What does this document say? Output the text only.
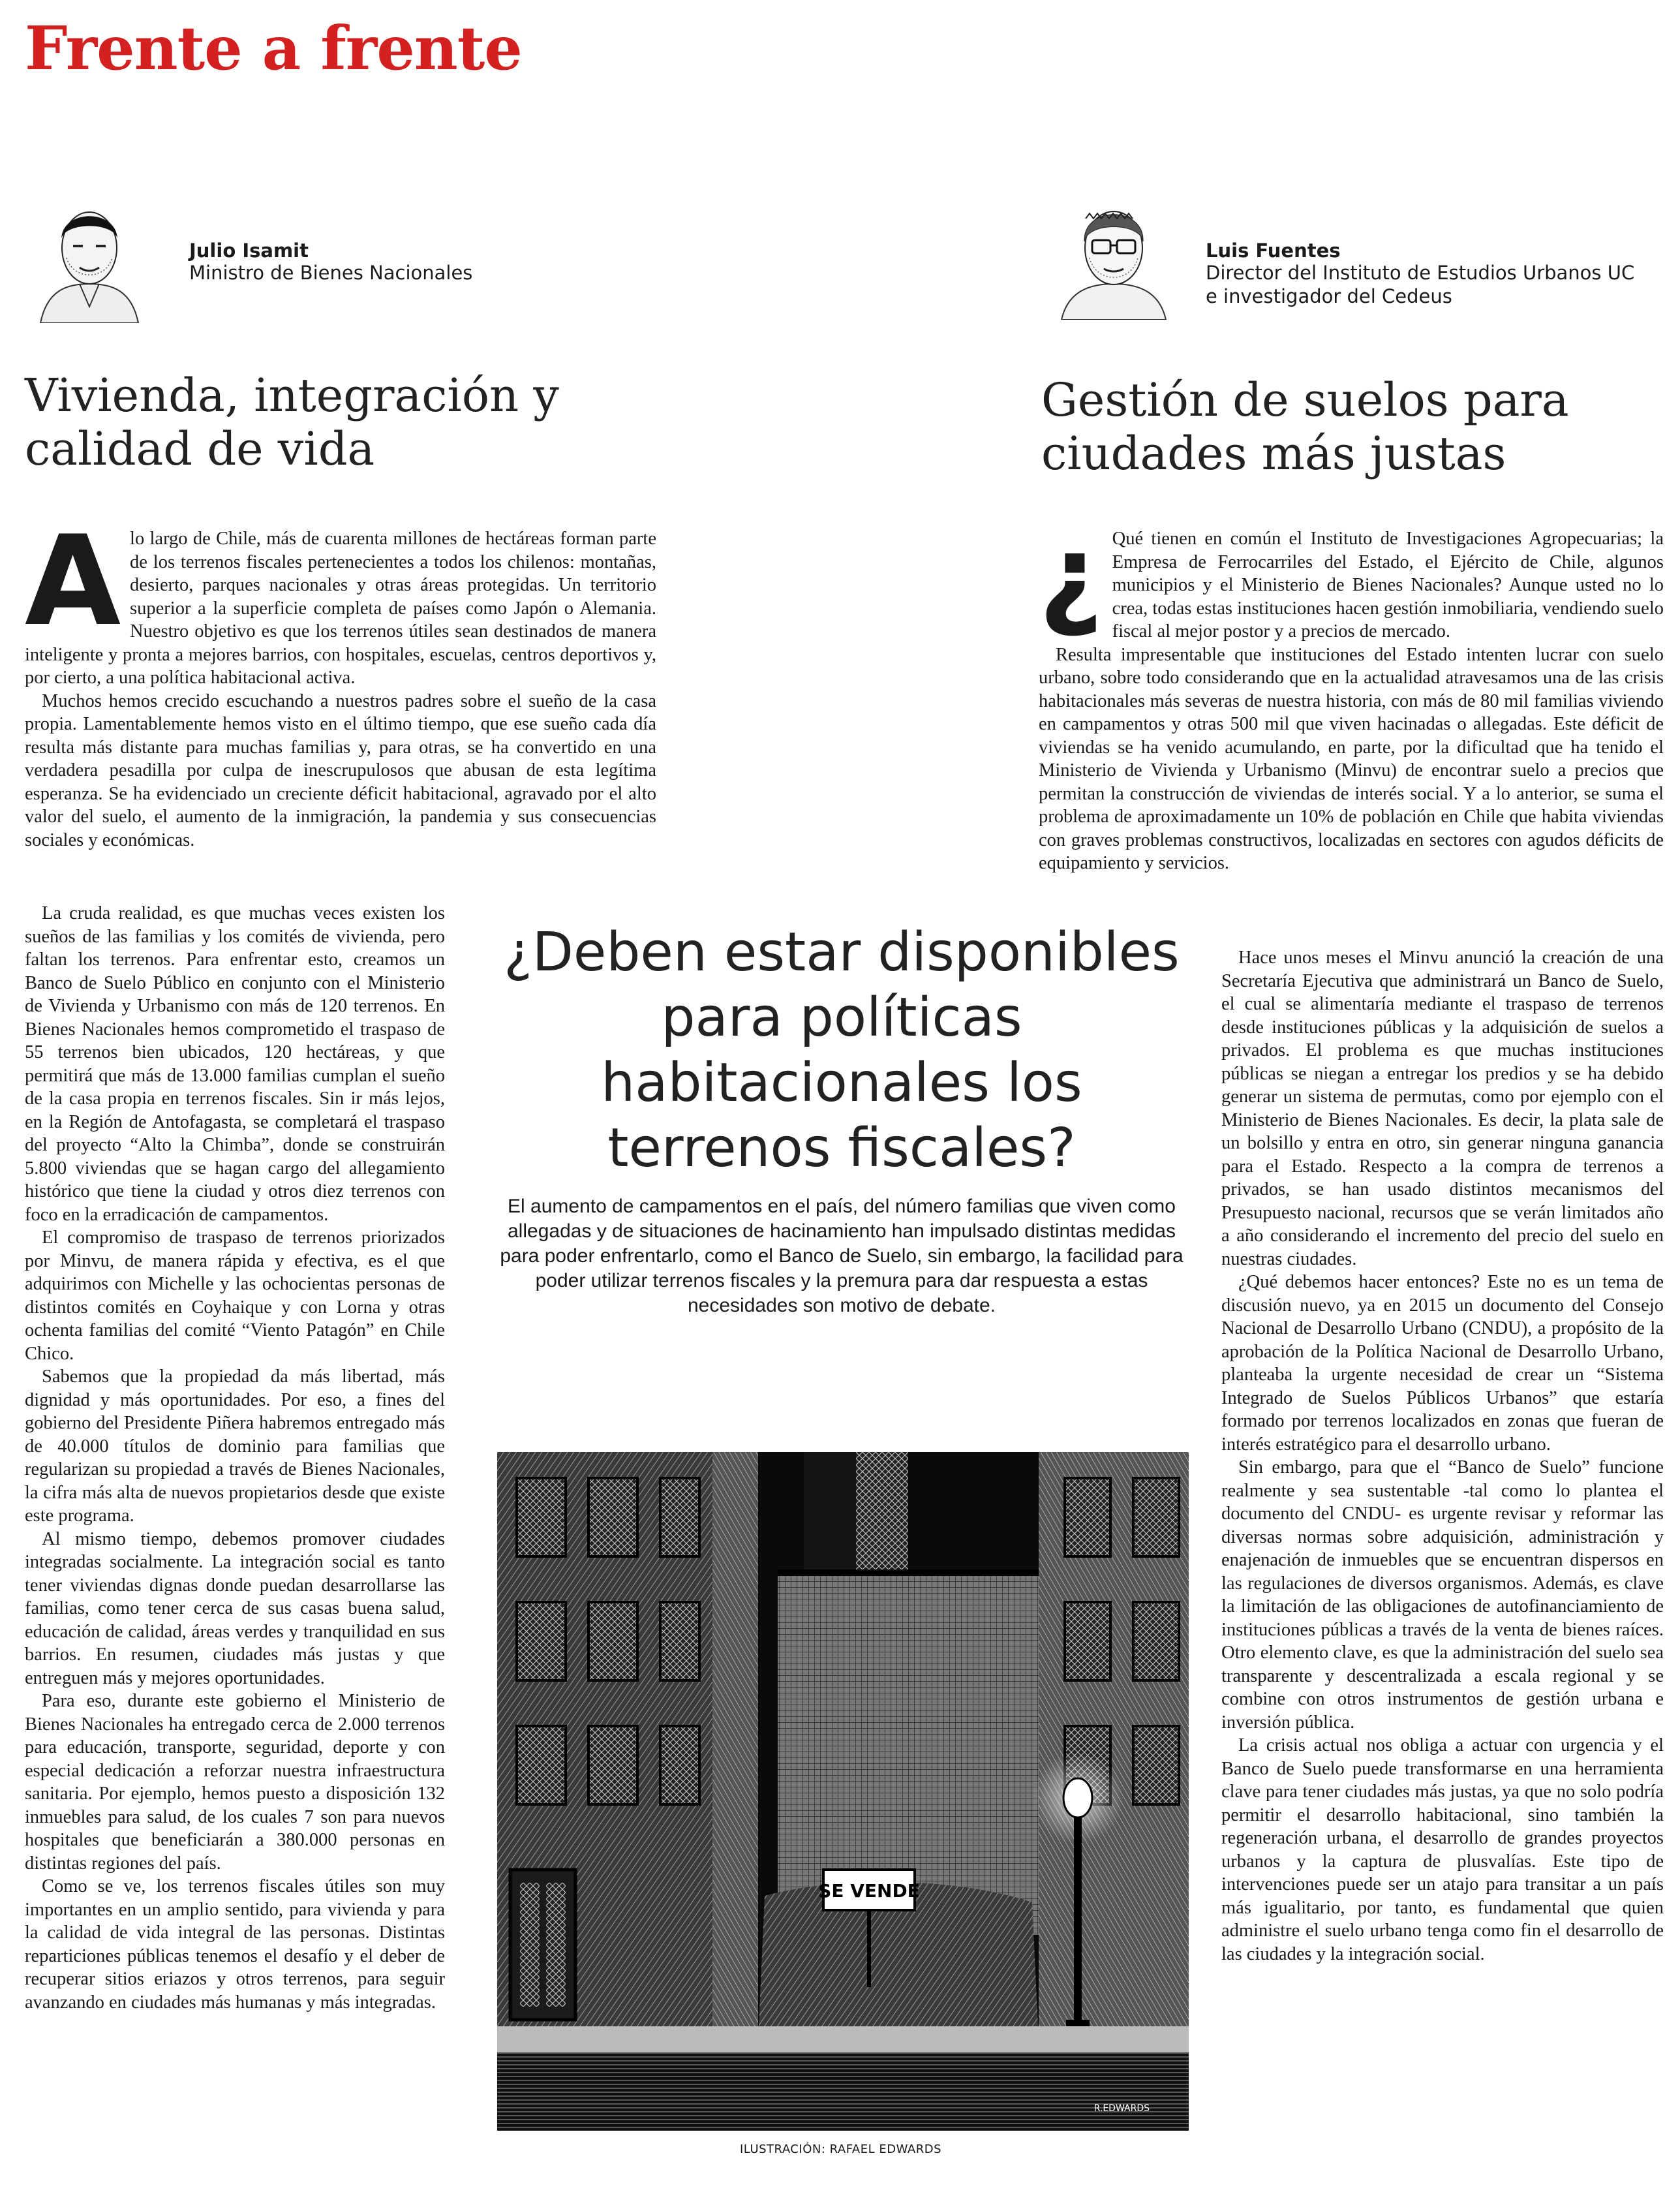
Frente a frente
Julio Isamit
Ministro de Bienes Nacionales
Luis Fuentes
Director del Instituto de Estudios Urbanos UC e investigador del Cedeus
Vivienda, integración y calidad de vida
Gestión de suelos para ciudades más justas
A lo largo de Chile, más de cuarenta millones de hectáreas forman parte de los terrenos fiscales pertenecientes a todos los chilenos: montañas, desierto, parques nacionales y otras áreas protegidas. Un territorio superior a la superficie completa de países como Japón o Alemania. Nuestro objetivo es que los terrenos útiles sean destinados de manera inteligente y pronta a mejores barrios, con hospitales, escuelas, centros deportivos y, por cierto, a una política habitacional activa.

Muchos hemos crecido escuchando a nuestros padres sobre el sueño de la casa propia. Lamentablemente hemos visto en el último tiempo, que ese sueño cada día resulta más distante para muchas familias y, para otras, se ha convertido en una verdadera pesadilla por culpa de inescrupulosos que abusan de esta legítima esperanza. Se ha evidenciado un creciente déficit habitacional, agravado por el alto valor del suelo, el aumento de la inmigración, la pandemia y sus consecuencias sociales y económicas.

La cruda realidad, es que muchas veces existen los sueños de las familias y los comités de vivienda, pero faltan los terrenos. Para enfrentar esto, creamos un Banco de Suelo Público en conjunto con el Ministerio de Vivienda y Urbanismo con más de 120 terrenos. En Bienes Nacionales hemos comprometido el traspaso de 55 terrenos bien ubicados, 120 hectáreas, y que permitirá que más de 13.000 familias cumplan el sueño de la casa propia en terrenos fiscales. Sin ir más lejos, en la Región de Antofagasta, se completará el traspaso del proyecto “Alto la Chimba”, donde se construirán 5.800 viviendas que se hagan cargo del allegamiento histórico que tiene la ciudad y otros diez terrenos con foco en la erradicación de campamentos.

El compromiso de traspaso de terrenos priorizados por Minvu, de manera rápida y efectiva, es el que adquirimos con Michelle y las ochocientas personas de distintos comités en Coyhaique y con Lorna y otras ochenta familias del comité “Viento Patagón” en Chile Chico.

Sabemos que la propiedad da más libertad, más dignidad y más oportunidades. Por eso, a fines del gobierno del Presidente Piñera habremos entregado más de 40.000 títulos de dominio para familias que regularizan su propiedad a través de Bienes Nacionales, la cifra más alta de nuevos propietarios desde que existe este programa.

Al mismo tiempo, debemos promover ciudades integradas socialmente. La integración social es tanto tener viviendas dignas donde puedan desarrollarse las familias, como tener cerca de sus casas buena salud, educación de calidad, áreas verdes y tranquilidad en sus barrios. En resumen, ciudades más justas y que entreguen más y mejores oportunidades.

Para eso, durante este gobierno el Ministerio de Bienes Nacionales ha entregado cerca de 2.000 terrenos para educación, transporte, seguridad, deporte y con especial dedicación a reforzar nuestra infraestructura sanitaria. Por ejemplo, hemos puesto a disposición 132 inmuebles para salud, de los cuales 7 son para nuevos hospitales que beneficiarán a 380.000 personas en distintas regiones del país.

Como se ve, los terrenos fiscales útiles son muy importantes en un amplio sentido, para vivienda y para la calidad de vida integral de las personas. Distintas reparticiones públicas tenemos el desafío y el deber de recuperar sitios eriazos y otros terrenos, para seguir avanzando en ciudades más humanas y más integradas.

¿ Qué tienen en común el Instituto de Investigaciones Agropecuarias; la Empresa de Ferrocarriles del Estado, el Ejército de Chile, algunos municipios y el Ministerio de Bienes Nacionales? Aunque usted no lo crea, todas estas instituciones hacen gestión inmobiliaria, vendiendo suelo fiscal al mejor postor y a precios de mercado.

Resulta impresentable que instituciones del Estado intenten lucrar con suelo urbano, sobre todo considerando que en la actualidad atravesamos una de las crisis habitacionales más severas de nuestra historia, con más de 80 mil familias viviendo en campamentos y otras 500 mil que viven hacinadas o allegadas. Este déficit de viviendas se ha venido acumulando, en parte, por la dificultad que ha tenido el Ministerio de Vivienda y Urbanismo (Minvu) de encontrar suelo a precios que permitan la construcción de viviendas de interés social. Y a lo anterior, se suma el problema de aproximadamente un 10% de población en Chile que habita viviendas con graves problemas constructivos, localizadas en sectores con agudos déficits de equipamiento y servicios.

Hace unos meses el Minvu anunció la creación de una Secretaría Ejecutiva que administrará un Banco de Suelo, el cual se alimentaría mediante el traspaso de terrenos desde instituciones públicas y la adquisición de suelos a privados. El problema es que muchas instituciones públicas se niegan a entregar los predios y se ha debido generar un sistema de permutas, como por ejemplo con el Ministerio de Bienes Nacionales. Es decir, la plata sale de un bolsillo y entra en otro, sin generar ninguna ganancia para el Estado. Respecto a la compra de terrenos a privados, se han usado distintos mecanismos del Presupuesto nacional, recursos que se verán limitados año a año considerando el incremento del precio del suelo en nuestras ciudades.

¿Qué debemos hacer entonces? Este no es un tema de discusión nuevo, ya en 2015 un documento del Consejo Nacional de Desarrollo Urbano (CNDU), a propósito de la aprobación de la Política Nacional de Desarrollo Urbano, planteaba la urgente necesidad de crear un “Sistema Integrado de Suelos Públicos Urbanos” que estaría formado por terrenos localizados en zonas que fueran de interés estratégico para el desarrollo urbano.

Sin embargo, para que el “Banco de Suelo” funcione realmente y sea sustentable -tal como lo plantea el documento del CNDU- es urgente revisar y reformar las diversas normas sobre adquisición, administración y enajenación de inmuebles que se encuentran dispersos en las regulaciones de diversos organismos. Además, es clave la limitación de las obligaciones de autofinanciamiento de instituciones públicas a través de la venta de bienes raíces. Otro elemento clave, es que la administración del suelo sea transparente y descentralizada a escala regional y se combine con otros instrumentos de gestión urbana e inversión pública.

La crisis actual nos obliga a actuar con urgencia y el Banco de Suelo puede transformarse en una herramienta clave para tener ciudades más justas, ya que no solo podría permitir el desarrollo habitacional, sino también la regeneración urbana, el desarrollo de grandes proyectos urbanos y la captura de plusvalías. Este tipo de intervenciones puede ser un atajo para transitar a un país más igualitario, por tanto, es fundamental que quien administre el suelo urbano tenga como fin el desarrollo de las ciudades y la integración social.

¿Deben estar disponibles para políticas habitacionales los terrenos fiscales?
El aumento de campamentos en el país, del número familias que viven como allegadas y de situaciones de hacinamiento han impulsado distintas medidas para poder enfrentarlo, como el Banco de Suelo, sin embargo, la facilidad para poder utilizar terrenos fiscales y la premura para dar respuesta a estas necesidades son motivo de debate.
SE VENDE
R.EDWARDS
ILUSTRACIÓN: RAFAEL EDWARDS
